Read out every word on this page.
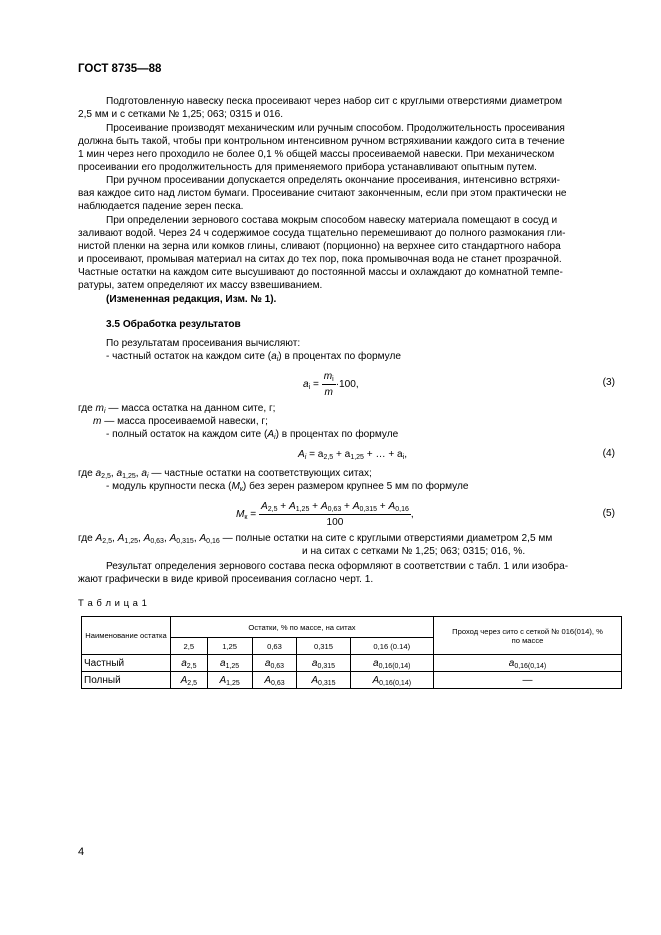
ГОСТ 8735—88
Подготовленную навеску песка просеивают через набор сит с круглыми отверстиями диаметром
2,5 мм и с сетками № 1,25; 063; 0315 и 016.
Просеивание производят механическим или ручным способом. Продолжительность просеивания
должна быть такой, чтобы при контрольном интенсивном ручном встряхивании каждого сита в течение
1 мин через него проходило не более 0,1 % общей массы просеиваемой навески. При механическом
просеивании его продолжительность для применяемого прибора устанавливают опытным путем.
При ручном просеивании допускается определять окончание просеивания, интенсивно встряхи-
вая каждое сито над листом бумаги. Просеивание считают законченным, если при этом практически не
наблюдается падение зерен песка.
При определении зернового состава мокрым способом навеску материала помещают в сосуд и
заливают водой. Через 24 ч содержимое сосуда тщательно перемешивают до полного размокания гли-
нистой пленки на зерна или комков глины, сливают (порционно) на верхнее сито стандартного набора
и просеивают, промывая материал на ситах до тех пор, пока промывочная вода не станет прозрачной.
Частные остатки на каждом сите высушивают до постоянной массы и охлаждают до комнатной темпе-
ратуры, затем определяют их массу взвешиванием.
(Измененная редакция, Изм. № 1).
3.5 Обработка результатов
По результатам просеивания вычисляют:
- частный остаток на каждом сите $(a_i)$ в процентах по формуле
$a_i = \frac{m_i}{m} \cdot 100$,	(3)
где $m_i$ — масса остатка на данном сите, г;
m — масса просеиваемой навески, г;
- полный остаток на каждом сите $(A_i)$ в процентах по формуле
$A_i = a_{2,5} + a_{1,25}$ + … + $a_i$,	(4)
где $a_{2,5}$, $a_{1,25}$, $a_i$ — частные остатки на соответствующих ситах;
- модуль крупности песка $(М_к)$ без зерен размером крупнее 5 мм по формуле
$M_к = \frac{A_{2,5} + A_{1,25} + A_{0,63} + A_{0,315} + A_{0,16}}{100}$ ,	(5)
где $A_{2,5}$, $A_{1,25}$, $A_{0,63}$, $A_{0,315}$, $A_{0,16}$ — полные остатки на сите с круглыми отверстиями диаметром 2,5 мм
и на ситах с сетками № 1,25; 063; 0315; 016, %.
Результат определения зернового состава песка оформляют в соответствии с табл. 1 или изобра-
жают графически в виде кривой просеивания согласно черт. 1.
Т а б л и ц а 1
Наименование остатка	Остатки, % по массе, на ситах					Проход через сито с сеткой № 016(014), % по массе
	2,5	1,25	0,63	0,315	0,16 (0.14)	
Частный	$a_{2,5}$	$a_{1,25}$	$a_{0,63}$	$a_{0,315}$	$a_{0,16(0,14)}$	$a_{0,16(0,14)}$
Полный	$A_{2,5}$	$A_{1,25}$	$A_{0,63}$	$A_{0,315}$	$A_{0,16(0,14)}$	—
4
